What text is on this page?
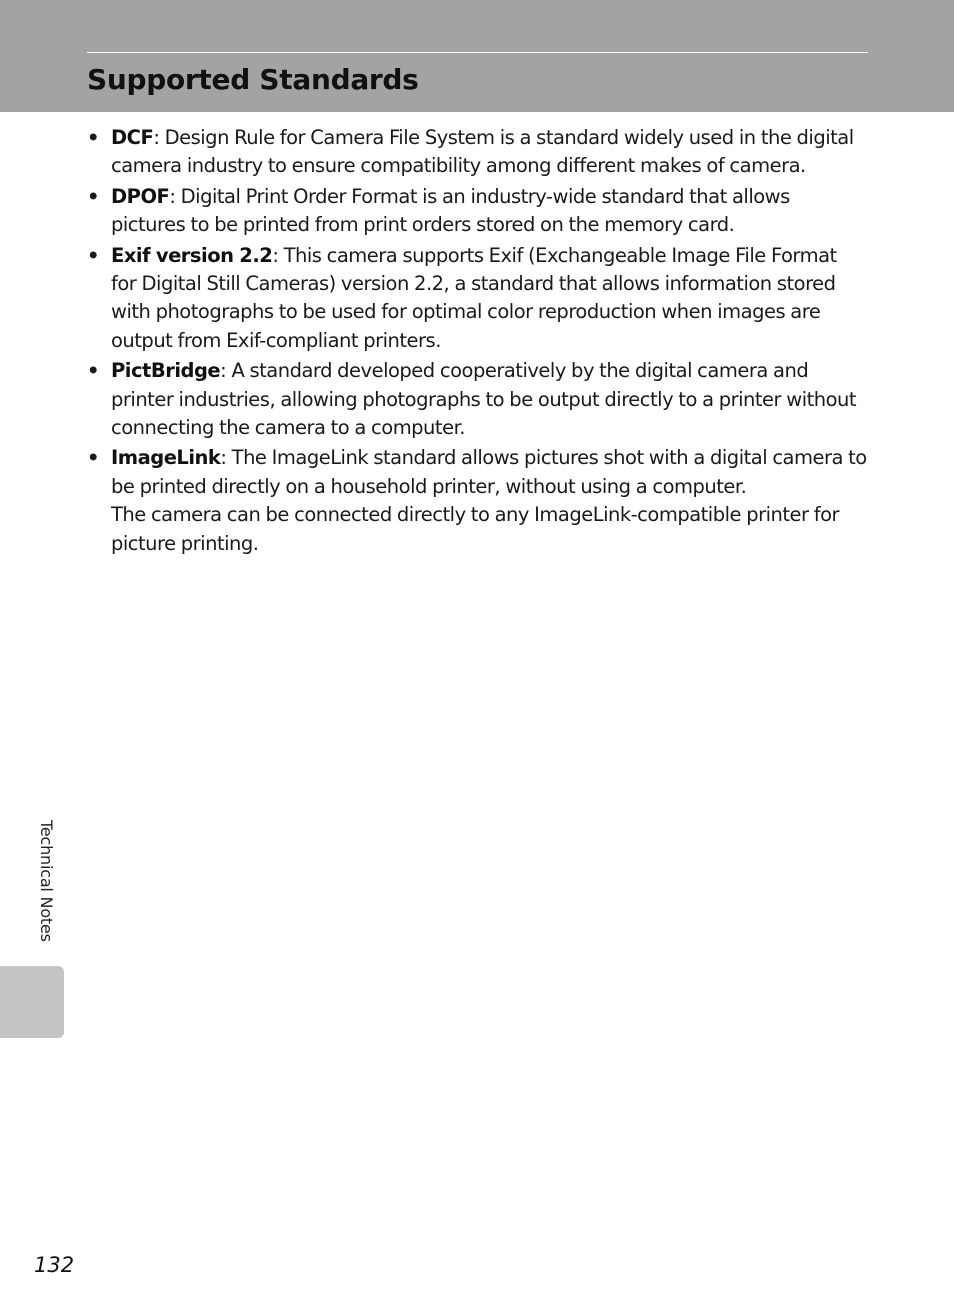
Supported Standards
• DCF: Design Rule for Camera File System is a standard widely used in the digital camera industry to ensure compatibility among different makes of camera.
• DPOF: Digital Print Order Format is an industry-wide standard that allows pictures to be printed from print orders stored on the memory card.
• Exif version 2.2: This camera supports Exif (Exchangeable Image File Format for Digital Still Cameras) version 2.2, a standard that allows information stored with photographs to be used for optimal color reproduction when images are output from Exif-compliant printers.
• PictBridge: A standard developed cooperatively by the digital camera and printer industries, allowing photographs to be output directly to a printer without connecting the camera to a computer.
• ImageLink: The ImageLink standard allows pictures shot with a digital camera to be printed directly on a household printer, without using a computer.
The camera can be connected directly to any ImageLink-compatible printer for picture printing.
Technical Notes
132
